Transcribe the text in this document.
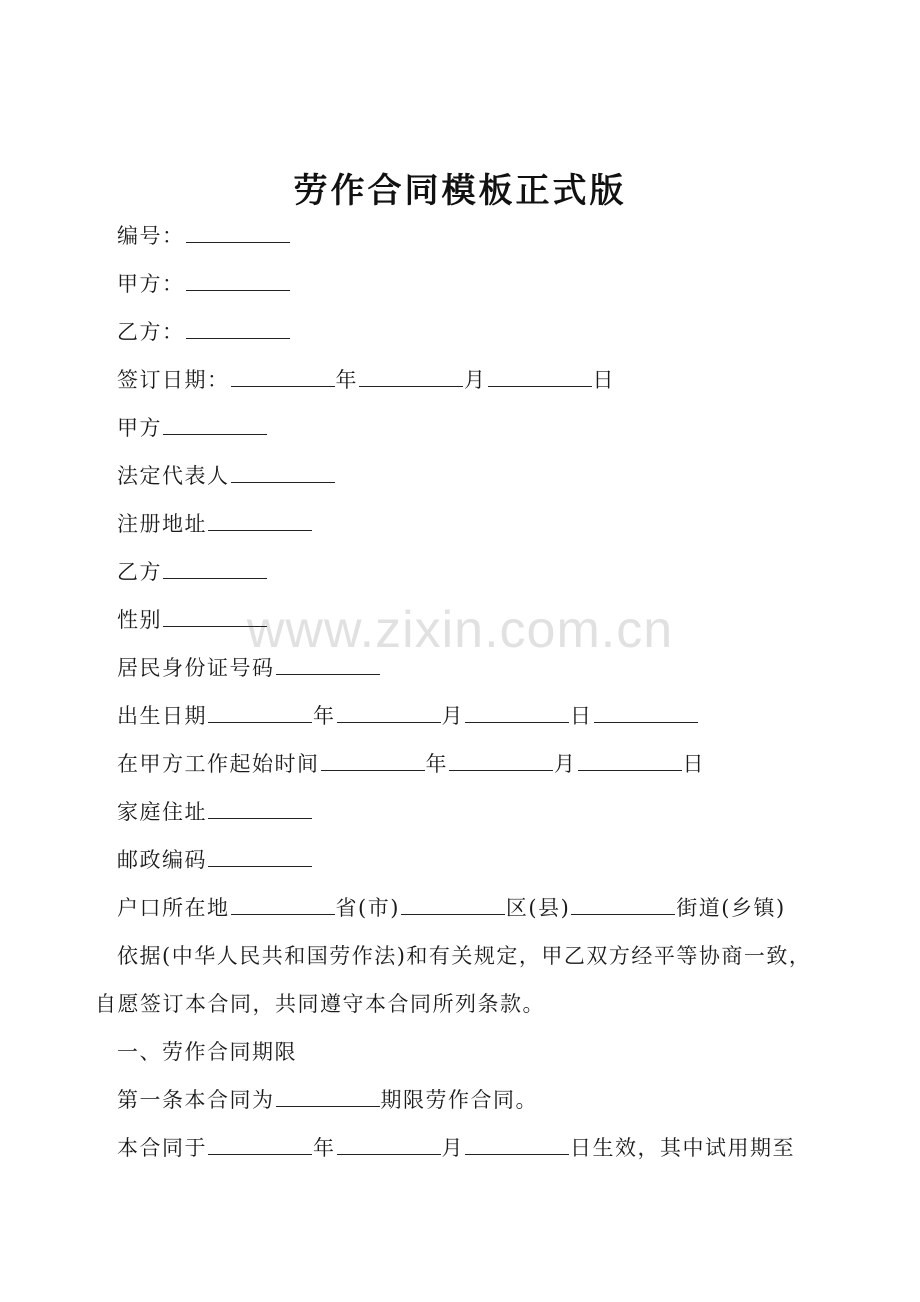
劳作合同模板正式版
www.zixin.com.cn
编号：
甲方：
乙方：
签订日期：	年	月	日
甲方
法定代表人
注册地址
乙方
性别
居民身份证号码
出生日期	年	月	日
在甲方工作起始时间	年	月	日
家庭住址
邮政编码
户口所在地	省(市)	区(县)	街道(乡镇)
依据(中华人民共和国劳作法)和有关规定，甲乙双方经平等协商一致，
自愿签订本合同，共同遵守本合同所列条款。
一、劳作合同期限
第一条本合同为	期限劳作合同。
本合同于	年	月	日生效，其中试用期至
